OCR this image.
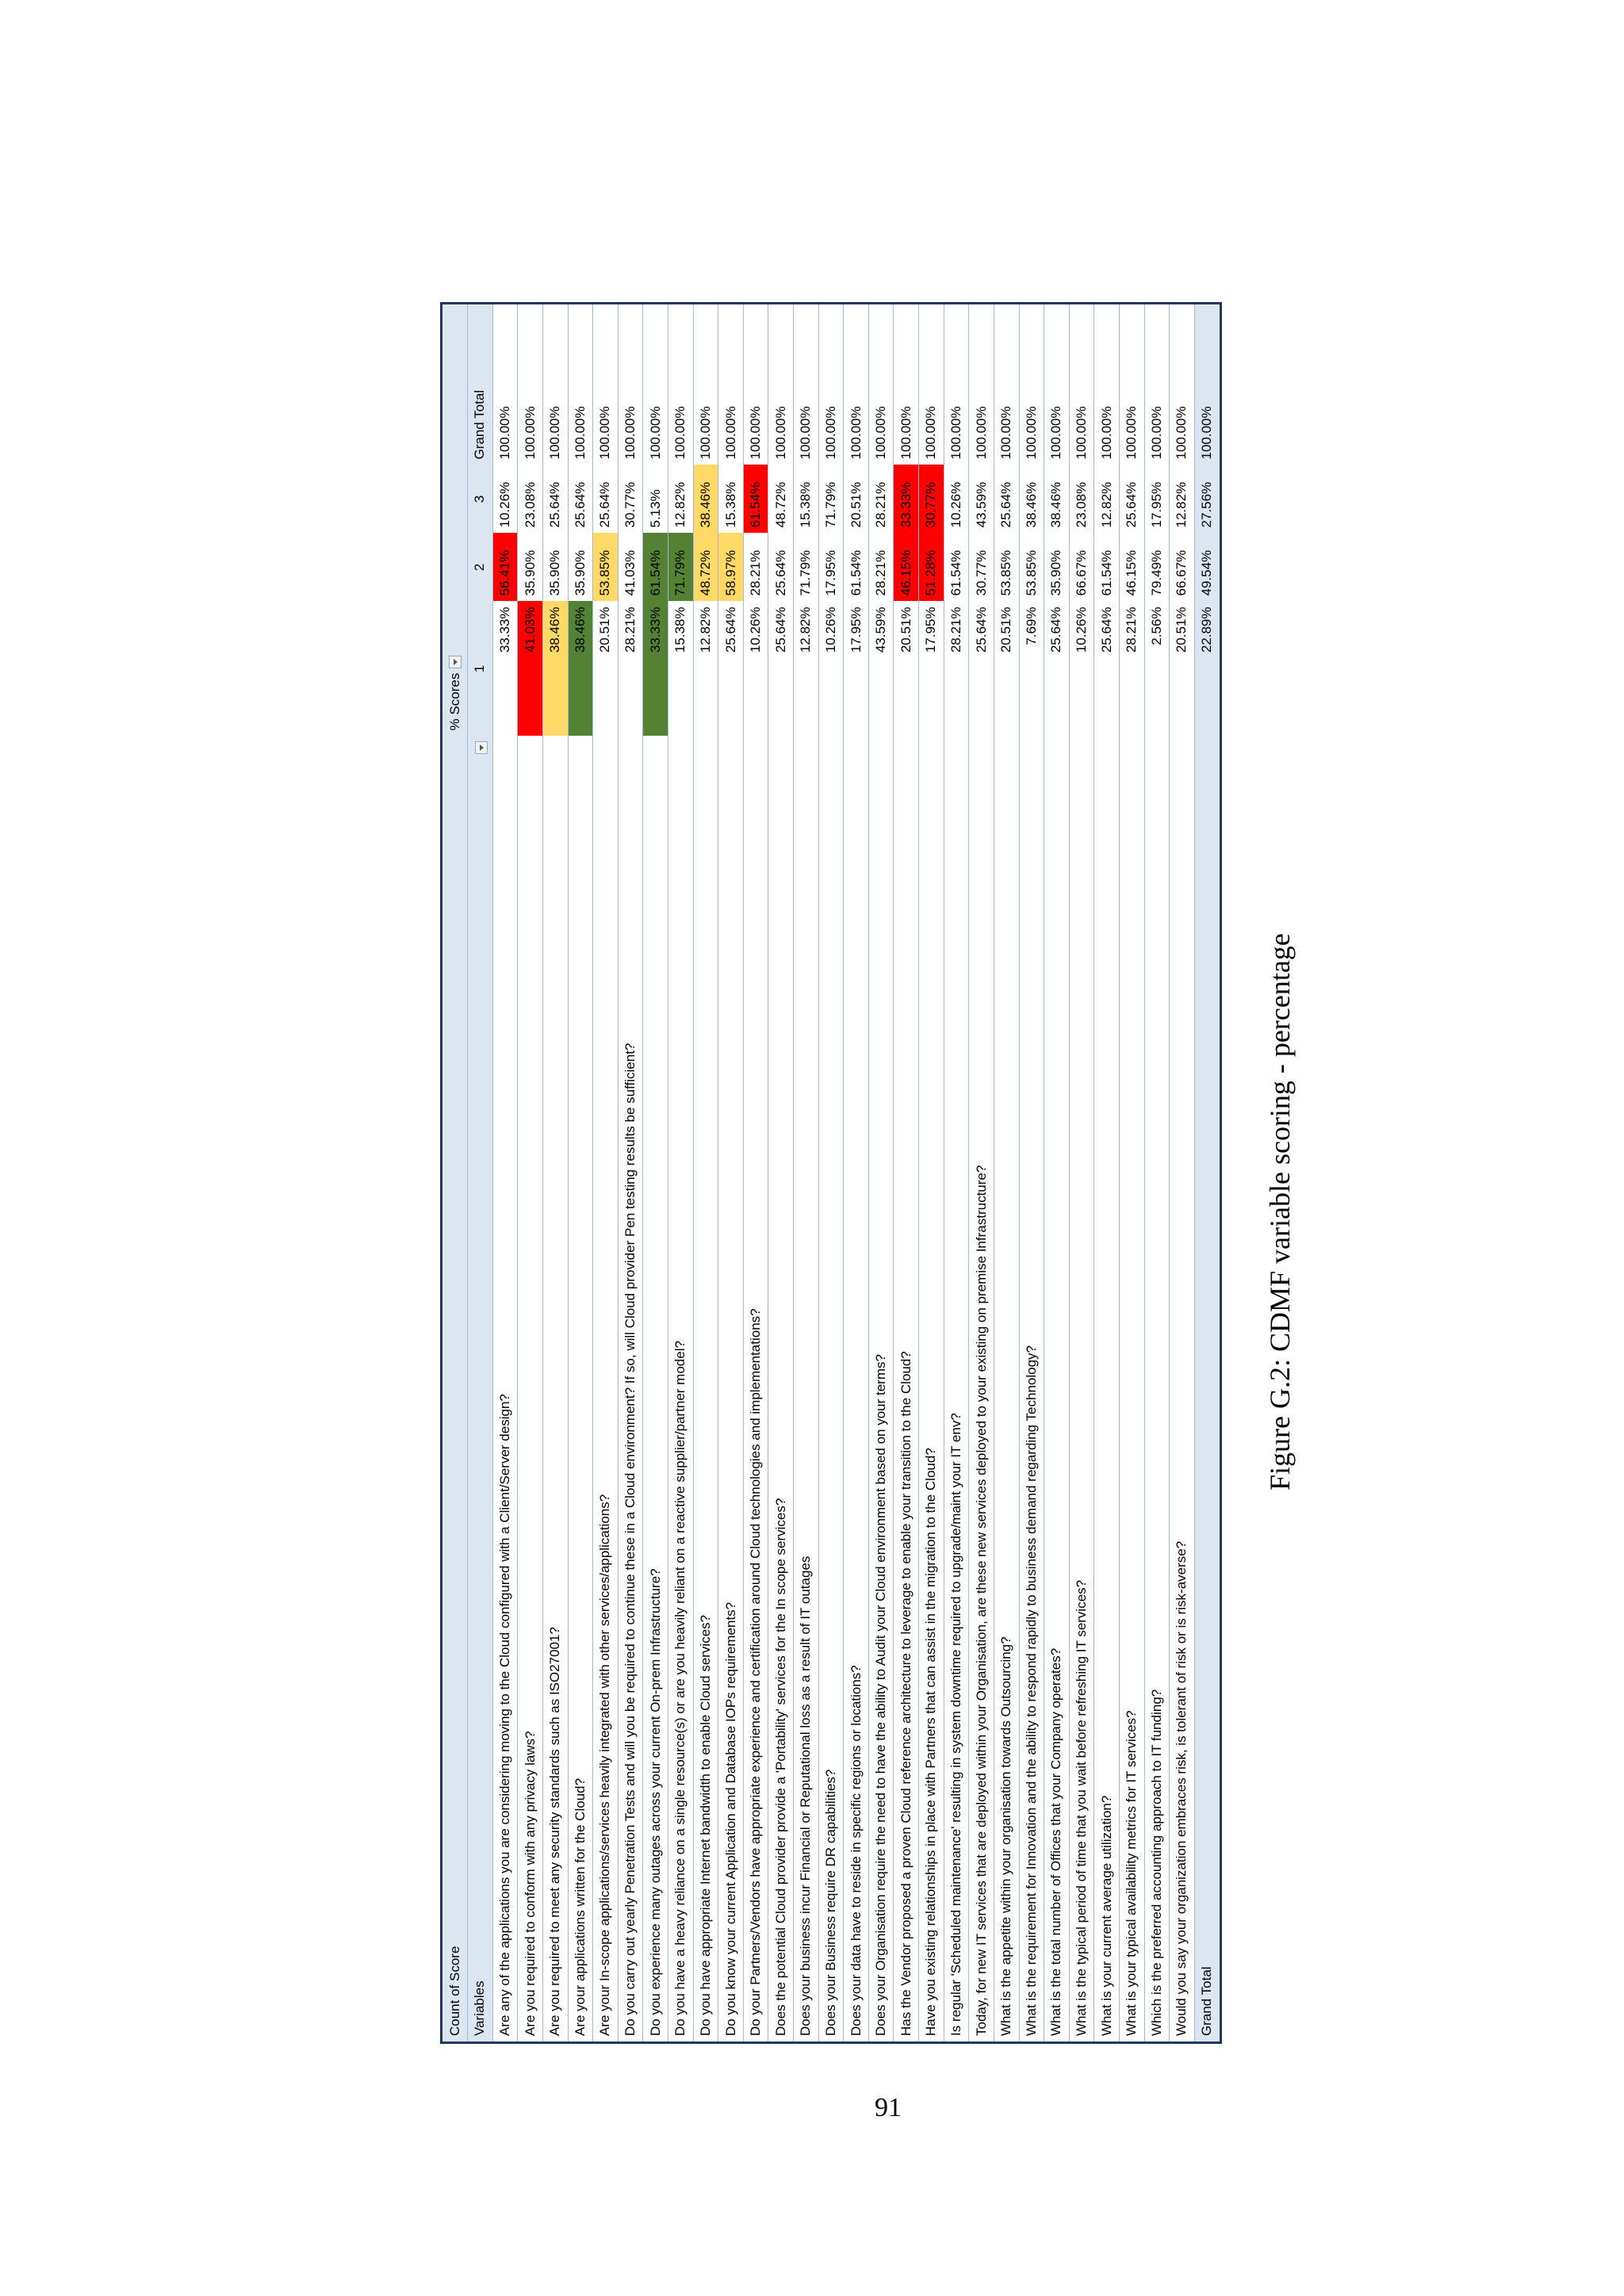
Count of Score	% Scores			
Variables	1	2	3	Grand Total
Are any of the applications you are considering moving to the Cloud configured with a Client/Server design?	33.33%	56.41%	10.26%	100.00%
Are you required to conform with any privacy laws?	41.03%	35.90%	23.08%	100.00%
Are you required to meet any security standards such as ISO27001?	38.46%	35.90%	25.64%	100.00%
Are your applications written for the Cloud?	38.46%	35.90%	25.64%	100.00%
Are your In-scope applications/services heavily integrated with other services/applications?	20.51%	53.85%	25.64%	100.00%
Do you carry out yearly Penetration Tests and will you be required to continue these in a Cloud environment? If so, will Cloud provider Pen testing results be sufficient?	28.21%	41.03%	30.77%	100.00%
Do you experience many outages across your current On-prem Infrastructure?	33.33%	61.54%	5.13%	100.00%
Do you have a heavy reliance on a single resource(s) or are you heavily reliant on a reactive supplier/partner model?	15.38%	71.79%	12.82%	100.00%
Do you have appropriate Internet bandwidth to enable Cloud services?	12.82%	48.72%	38.46%	100.00%
Do you know your current Application and Database IOPs requirements?	25.64%	58.97%	15.38%	100.00%
Do your Partners/Vendors have appropriate experience and certification around Cloud technologies and implementations?	10.26%	28.21%	61.54%	100.00%
Does the potential Cloud provider provide a 'Portability' services for the In scope services?	25.64%	25.64%	48.72%	100.00%
Does your business incur Financial or Reputational loss as a result of IT outages	12.82%	71.79%	15.38%	100.00%
Does your Business require DR capabilities?	10.26%	17.95%	71.79%	100.00%
Does your data have to reside in specific regions or locations?	17.95%	61.54%	20.51%	100.00%
Does your Organisation require the need to have the ability to Audit your Cloud environment based on your terms?	43.59%	28.21%	28.21%	100.00%
Has the Vendor proposed a proven Cloud reference architecture to leverage to enable your transition to the Cloud?	20.51%	46.15%	33.33%	100.00%
Have you existing relationships in place with Partners that can assist in the migration to the Cloud?	17.95%	51.28%	30.77%	100.00%
Is regular 'Scheduled maintenance' resulting in system downtime required to upgrade/maint your IT env?	28.21%	61.54%	10.26%	100.00%
Today, for new IT services that are deployed within your Organisation, are these new services deployed to your existing on premise Infrastructure?	25.64%	30.77%	43.59%	100.00%
What is the appetite within your organisation towards Outsourcing?	20.51%	53.85%	25.64%	100.00%
What is the requirement for Innovation and the ability to respond rapidly to business demand regarding Technology?	7.69%	53.85%	38.46%	100.00%
What is the total number of Offices that your Company operates?	25.64%	35.90%	38.46%	100.00%
What is the typical period of time that you wait before refreshing IT services?	10.26%	66.67%	23.08%	100.00%
What is your current average utilization?	25.64%	61.54%	12.82%	100.00%
What is your typical availability metrics for IT services?	28.21%	46.15%	25.64%	100.00%
Which is the preferred accounting approach to IT funding?	2.56%	79.49%	17.95%	100.00%
Would you say your organization embraces risk, is tolerant of risk or is risk-averse?	20.51%	66.67%	12.82%	100.00%
Grand Total	22.89%	49.54%	27.56%	100.00%
Figure G.2: CDMF variable scoring - percentage
91
